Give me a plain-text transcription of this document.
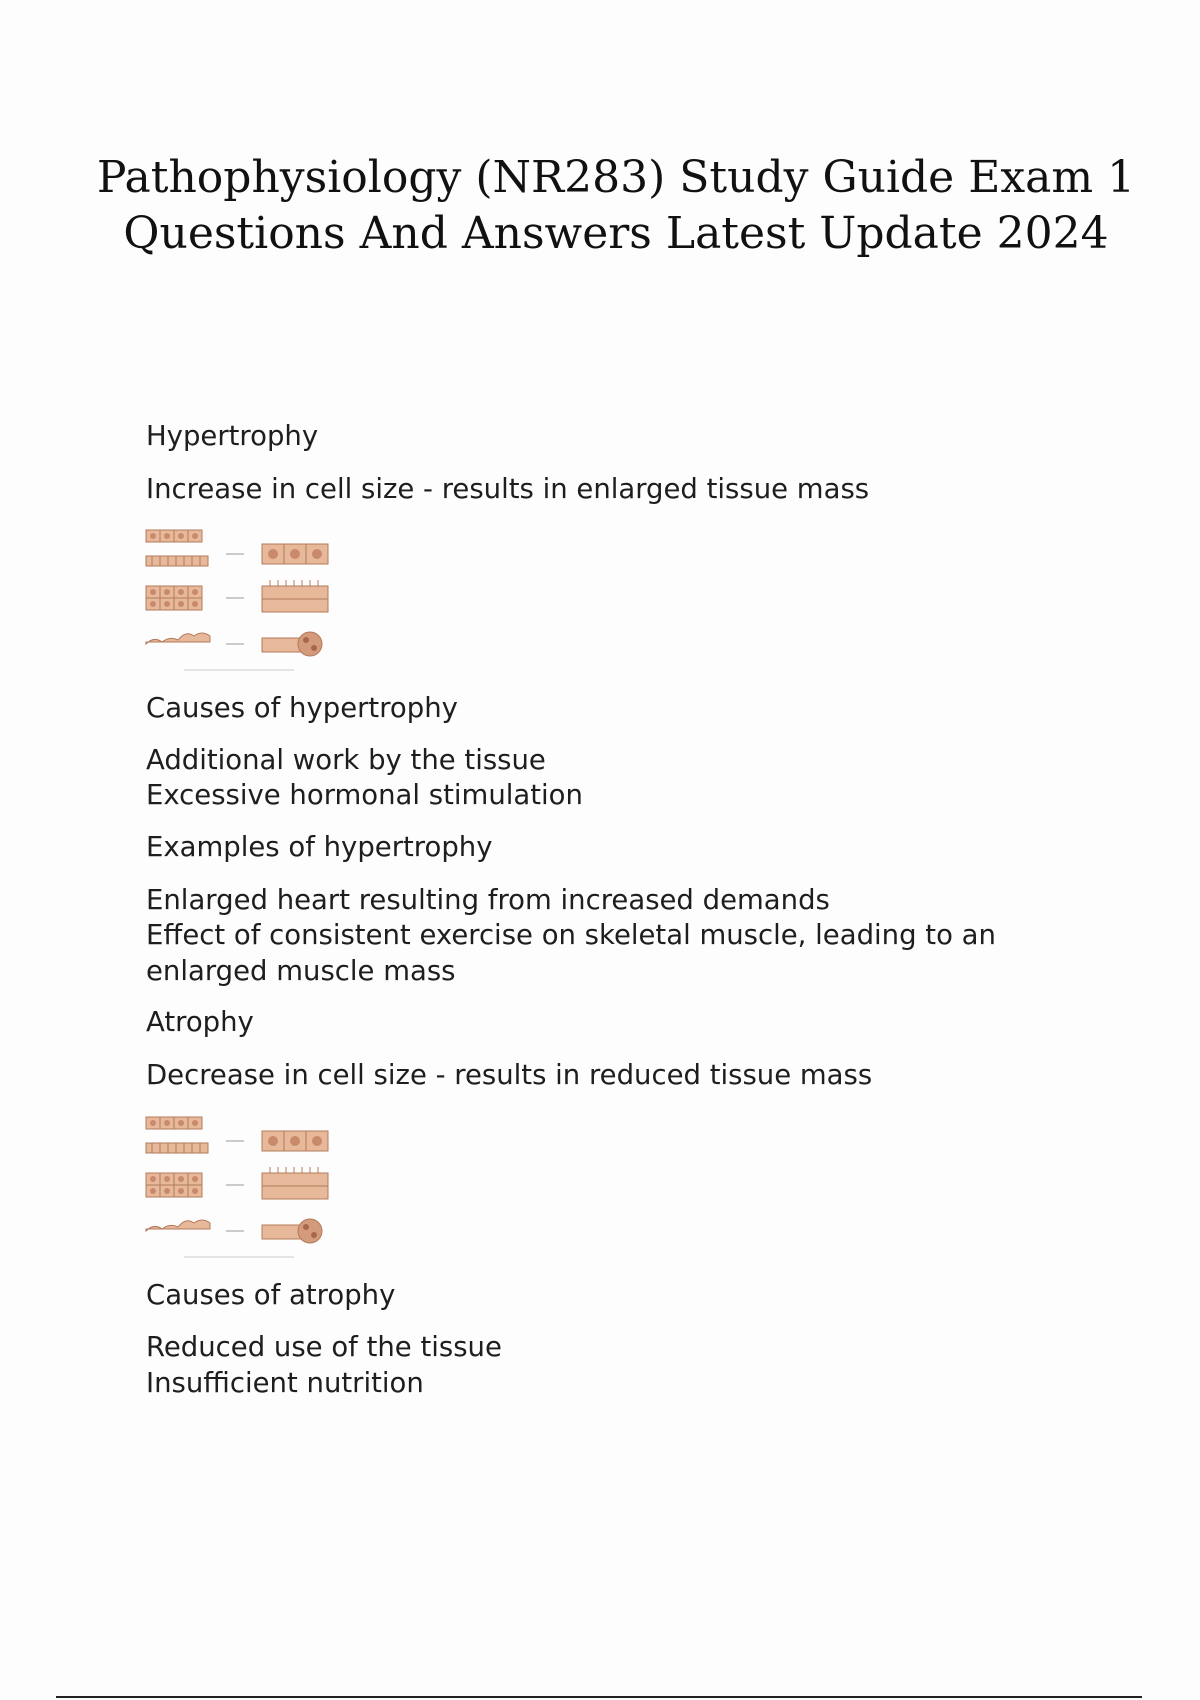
Pathophysiology (NR283) Study Guide Exam 1
Questions And Answers Latest Update 2024
Hypertrophy
Increase in cell size - results in enlarged tissue mass
Causes of hypertrophy
Additional work by the tissue
Excessive hormonal stimulation
Examples of hypertrophy
Enlarged heart resulting from increased demands
Effect of consistent exercise on skeletal muscle, leading to an
enlarged muscle mass
Atrophy
Decrease in cell size - results in reduced tissue mass
Causes of atrophy
Reduced use of the tissue
Insufficient nutrition
